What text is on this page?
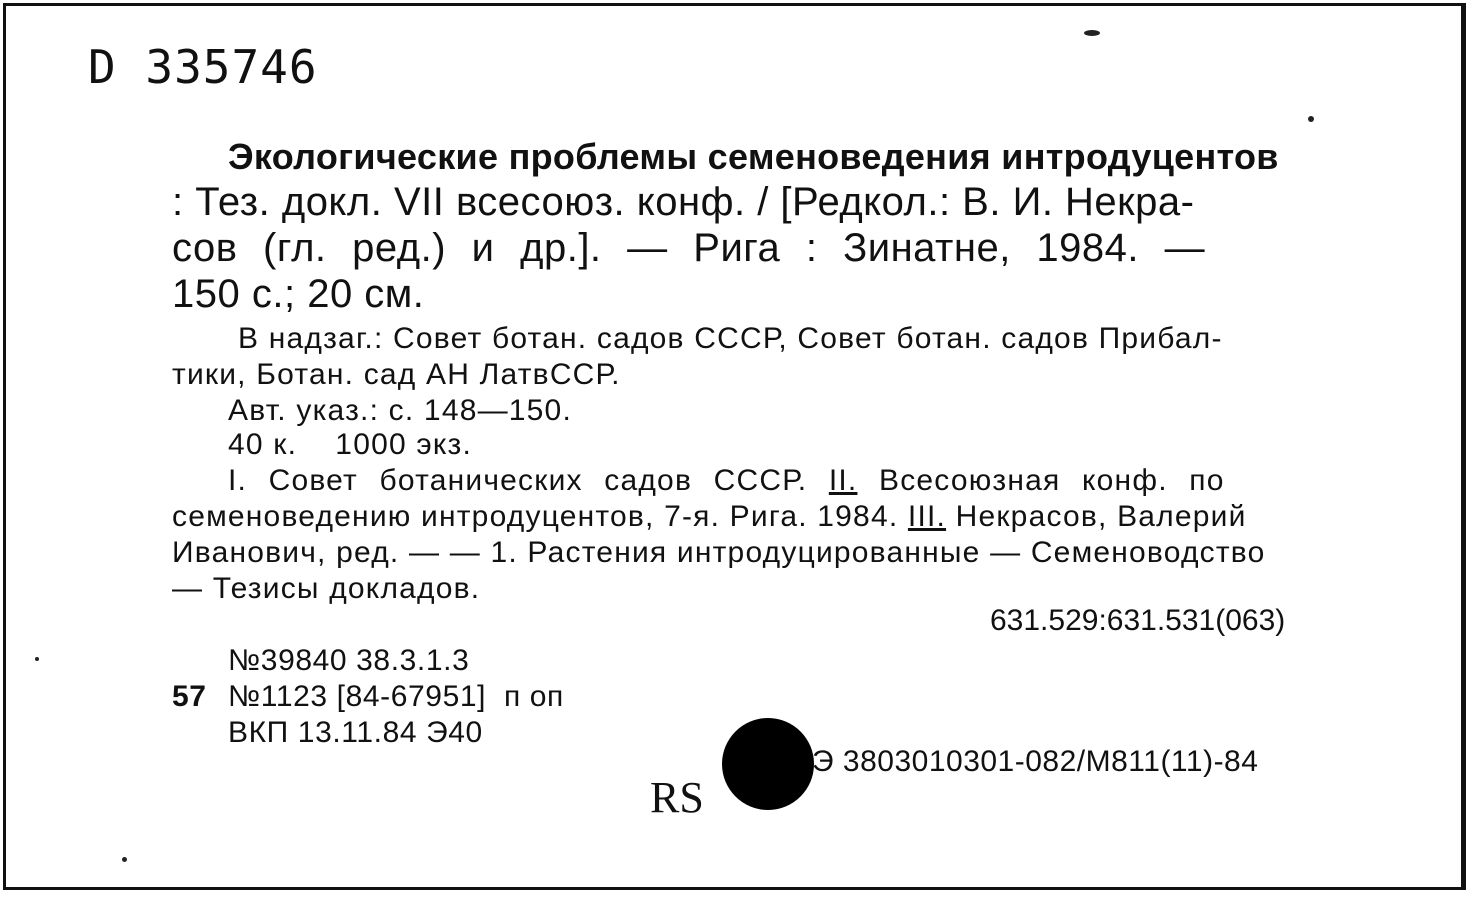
D 335746
Экологические проблемы семеноведения интродуцентов
: Тез. докл. VII всесоюз. конф. / [Редкол.: В. И. Некра-
сов (гл. ред.) и др.]. — Рига : Зинатне, 1984. —
150 с.; 20 см.
В надзаг.: Совет ботан. садов СССР, Совет ботан. садов Прибал-
тики, Ботан. сад АН ЛатвССР.
Авт. указ.: с. 148—150.
40 к.    1000 экз.
I. Совет ботанических садов СССР. II. Всесоюзная конф. по
семеноведению интродуцентов, 7-я. Рига. 1984. III. Некрасов, Валерий
Иванович, ред. — — 1. Растения интродуцированные — Семеноводство
— Тезисы докладов.
631.529:631.531(063)
№39840 38.3.1.3
57 №1123 [84-67951]  п оп
ВКП 13.11.84 Э40
RS
Э 3803010301-082/М811(11)-84
